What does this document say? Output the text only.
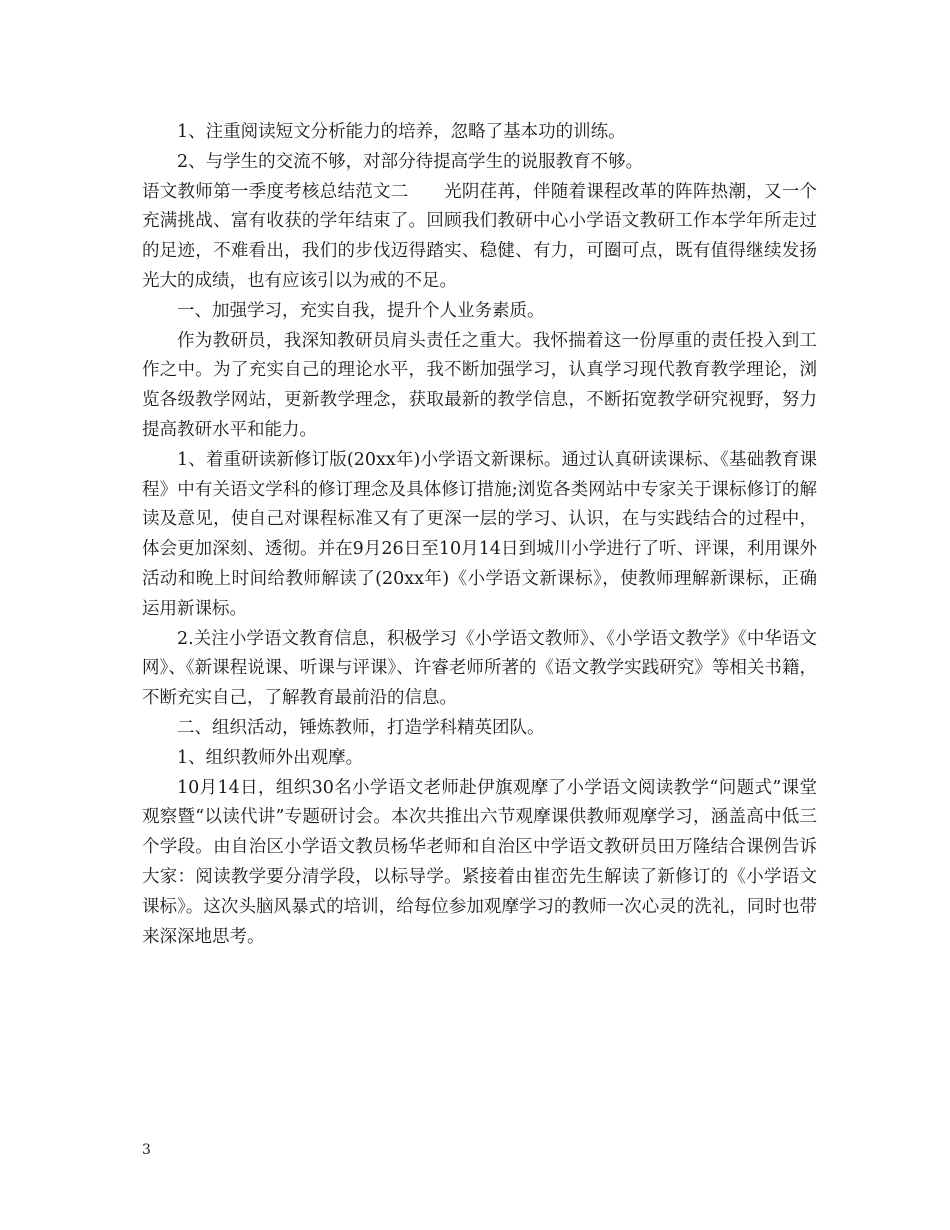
1、注重阅读短文分析能力的培养，忽略了基本功的训练。

2、与学生的交流不够，对部分待提高学生的说服教育不够。

语文教师第一季度考核总结范文二　　光阴荏苒，伴随着课程改革的阵阵热潮，又一个充满挑战、富有收获的学年结束了。回顾我们教研中心小学语文教研工作本学年所走过的足迹，不难看出，我们的步伐迈得踏实、稳健、有力，可圈可点，既有值得继续发扬光大的成绩，也有应该引以为戒的不足。

一、加强学习，充实自我，提升个人业务素质。

作为教研员，我深知教研员肩头责任之重大。我怀揣着这一份厚重的责任投入到工作之中。为了充实自己的理论水平，我不断加强学习，认真学习现代教育教学理论，浏览各级教学网站，更新教学理念，获取最新的教学信息，不断拓宽教学研究视野，努力提高教研水平和能力。

1、着重研读新修订版(20xx年)小学语文新课标。通过认真研读课标、《基础教育课程》中有关语文学科的修订理念及具体修订措施;浏览各类网站中专家关于课标修订的解读及意见，使自己对课程标准又有了更深一层的学习、认识，在与实践结合的过程中，体会更加深刻、透彻。并在9月26日至10月14日到城川小学进行了听、评课，利用课外活动和晚上时间给教师解读了(20xx年)《小学语文新课标》，使教师理解新课标，正确运用新课标。

2.关注小学语文教育信息，积极学习《小学语文教师》、《小学语文教学》《中华语文网》、《新课程说课、听课与评课》、许睿老师所著的《语文教学实践研究》等相关书籍，不断充实自己，了解教育最前沿的信息。

二、组织活动，锤炼教师，打造学科精英团队。

1、组织教师外出观摩。

10月14日，组织30名小学语文老师赴伊旗观摩了小学语文阅读教学“问题式”课堂观察暨“以读代讲”专题研讨会。本次共推出六节观摩课供教师观摩学习，涵盖高中低三个学段。由自治区小学语文教员杨华老师和自治区中学语文教研员田万隆结合课例告诉大家：阅读教学要分清学段，以标导学。紧接着由崔峦先生解读了新修订的《小学语文课标》。这次头脑风暴式的培训，给每位参加观摩学习的教师一次心灵的洗礼，同时也带来深深地思考。

3
